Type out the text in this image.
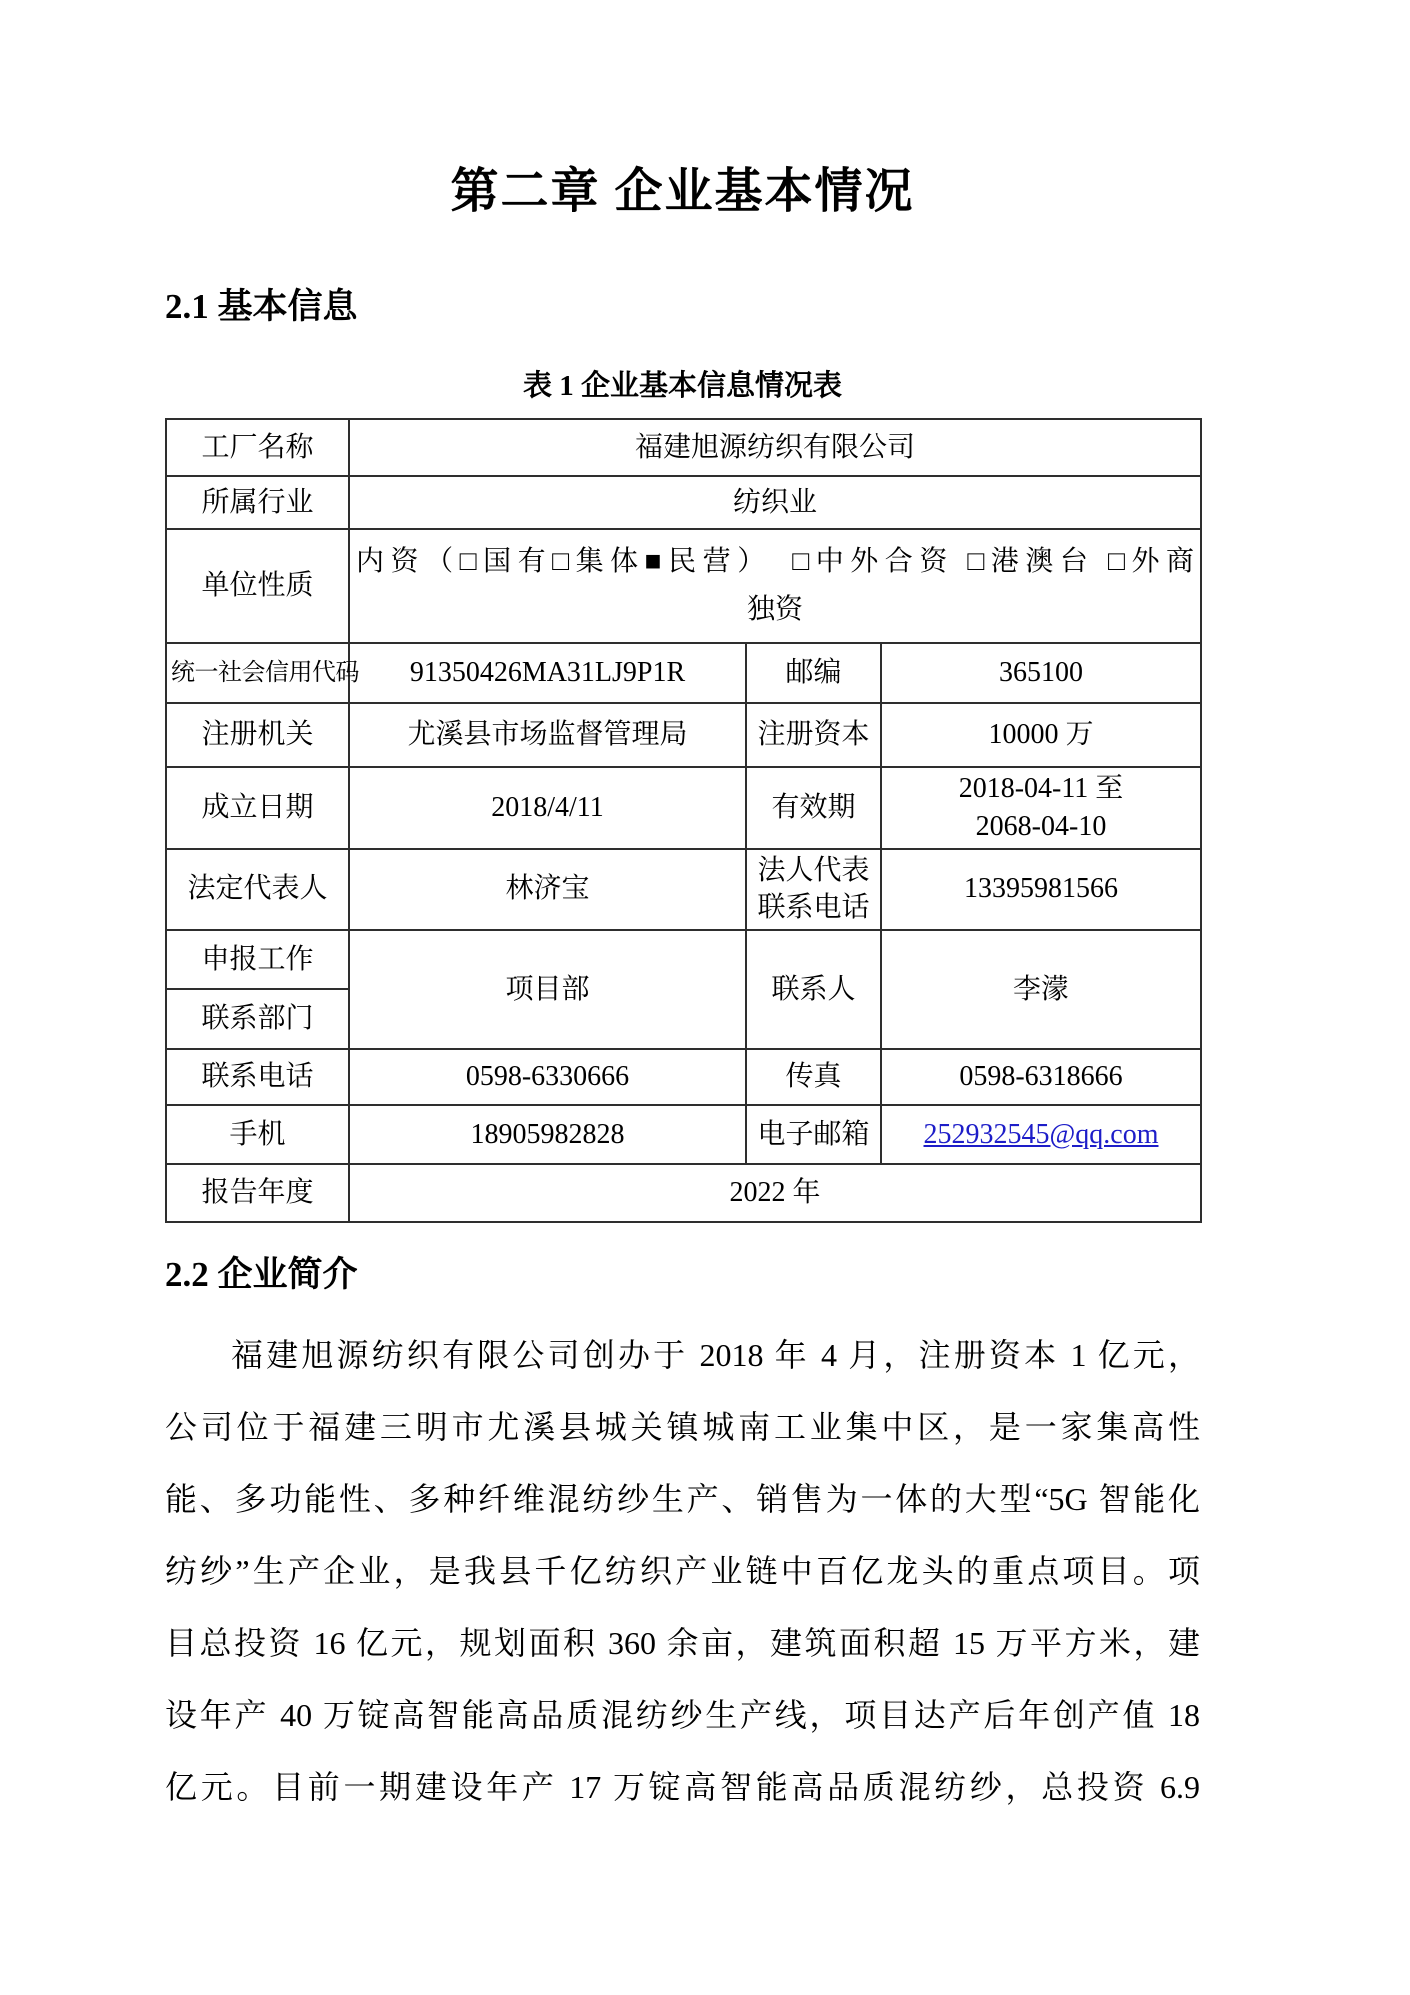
第二章 企业基本情况
2.1 基本信息
表 1 企业基本信息情况表
工厂名称	福建旭源纺织有限公司		
所属行业	纺织业		
单位性质	内资（□国有□集体■民营）　□中外合资 □港澳台 □外商
独资		

统一社会信用代码	91350426MA31LJ9P1R	邮编	365100
注册机关	尤溪县市场监督管理局	注册资本	10000 万
成立日期	2018/4/11	有效期	2018-04-11 至
2068-04-10

法定代表人	林济宝	法人代表联系电话	13395981566
申报工作	项目部	联系人	李濛
联系部门			
联系电话	0598-6330666	传真	0598-6318666
手机	18905982828	电子邮箱	252932545@qq.com
报告年度	2022 年		
2.2 企业简介
福建旭源纺织有限公司创办于 2018 年 4 月，注册资本 1 亿元，
公司位于福建三明市尤溪县城关镇城南工业集中区，是一家集高性
能、多功能性、多种纤维混纺纱生产、销售为一体的大型“5G 智能化
纺纱”生产企业，是我县千亿纺织产业链中百亿龙头的重点项目。项
目总投资 16 亿元，规划面积 360 余亩，建筑面积超 15 万平方米，建
设年产 40 万锭高智能高品质混纺纱生产线，项目达产后年创产值 18
亿元。目前一期建设年产 17 万锭高智能高品质混纺纱，总投资 6.9
